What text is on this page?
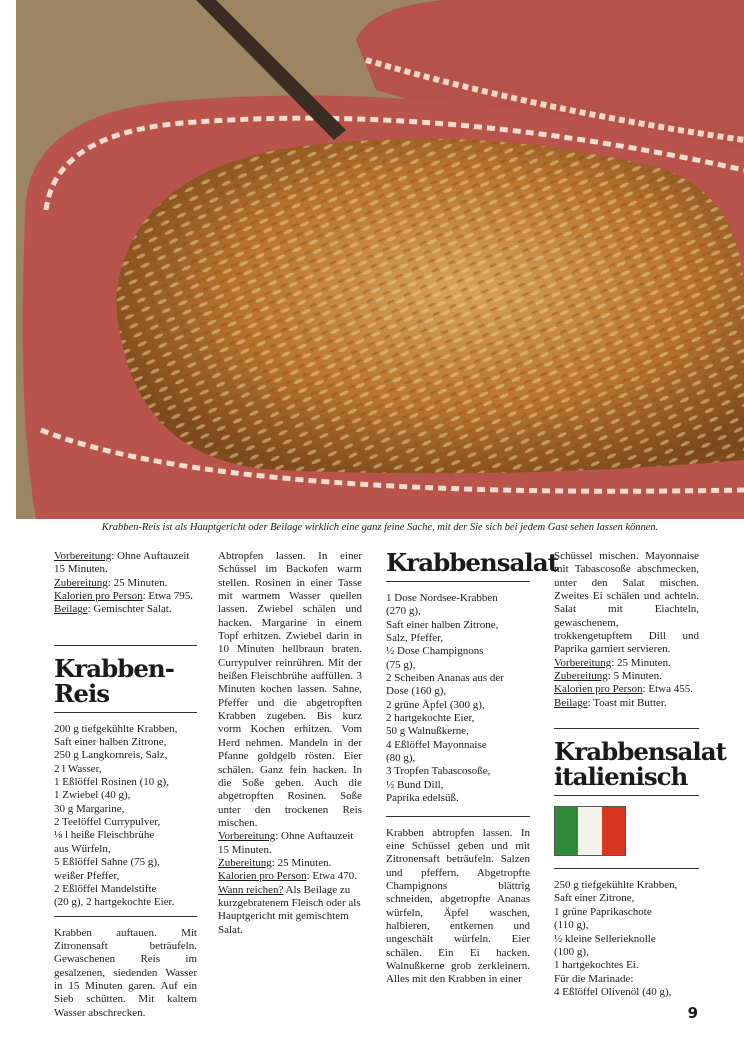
Krabben-Reis ist als Hauptgericht oder Beilage wirklich eine ganz feine Sache, mit der Sie sich bei jedem Gast sehen lassen können.

Vorbereitung: Ohne Auftauzeit 15 Minuten.

Zubereitung: 25 Minuten.

Kalorien pro Person: Etwa 795.

Beilage: Gemischter Salat.

Krabben-Reis

200 g tiefgekühlte Krabben,

Saft einer halben Zitrone,

250 g Langkornreis, Salz,

2 l Wasser,

1 Eßlöffel Rosinen (10 g),

1 Zwiebel (40 g),

30 g Margarine,

2 Teelöffel Currypulver,

⅛ l heiße Fleischbrühe

aus Würfeln,

5 Eßlöffel Sahne (75 g),

weißer Pfeffer,

2 Eßlöffel Mandelstifte

(20 g), 2 hartgekochte Eier.

Krabben auftauen. Mit Zitronensaft beträufeln. Gewaschenen Reis im gesalzenen, siedenden Wasser in 15 Minuten garen. Auf ein Sieb schütten. Mit kaltem Wasser abschrecken.

Abtropfen lassen. In einer Schüssel im Backofen warm stellen. Rosinen in einer Tasse mit warmem Wasser quellen lassen. Zwiebel schälen und hacken. Margarine in einem Topf erhitzen. Zwiebel darin in 10 Minuten hellbraun braten. Currypulver reinrühren. Mit der heißen Fleischbrühe auffüllen. 3 Minuten kochen lassen. Sahne, Pfeffer und die abgetropften Krabben zugeben. Bis kurz vorm Kochen erhitzen. Vom Herd nehmen. Mandeln in der Pfanne goldgelb rösten. Eier schälen. Ganz fein hacken. In die Soße geben. Auch die abgetropften Rosinen. Soße unter den trockenen Reis mischen.

Vorbereitung: Ohne Auftauzeit 15 Minuten.

Zubereitung: 25 Minuten.

Kalorien pro Person: Etwa 470.

Wann reichen? Als Beilage zu kurzgebratenem Fleisch oder als Hauptgericht mit gemischtem Salat.

Krabbensalat

1 Dose Nordsee-Krabben

(270 g),

Saft einer halben Zitrone,

Salz, Pfeffer,

½ Dose Champignons

(75 g),

2 Scheiben Ananas aus der

Dose (160 g),

2 grüne Äpfel (300 g),

2 hartgekochte Eier,

50 g Walnußkerne,

4 Eßlöffel Mayonnaise

(80 g),

3 Tropfen Tabascosoße,

½ Bund Dill,

Paprika edelsüß.

Krabben abtropfen lassen. In eine Schüssel geben und mit Zitronensaft beträufeln. Salzen und pfeffern. Abgetropfte Champignons blättrig schneiden, abgetropfte Ananas würfeln, Äpfel waschen, halbieren, entkernen und ungeschält würfeln. Eier schälen. Ein Ei hacken. Walnußkerne grob zerkleinern. Alles mit den Krabben in einer

Schüssel mischen. Mayonnaise mit Tabascosoße abschmecken, unter den Salat mischen. Zweites Ei schälen und achteln. Salat mit Eiachteln, gewaschenem, trokkengetupftem Dill und Paprika garniert servieren.

Vorbereitung: 25 Minuten.

Zubereitung: 5 Minuten.

Kalorien pro Person: Etwa 455.

Beilage: Toast mit Butter.

Krabbensalat
italienisch

250 g tiefgekühlte Krabben,

Saft einer Zitrone,

1 grüne Paprikaschote

(110 g),

½ kleine Sellerieknolle

(100 g),

1 hartgekochtes Ei.

Für die Marinade:

4 Eßlöffel Olivenöl (40 g),

9
